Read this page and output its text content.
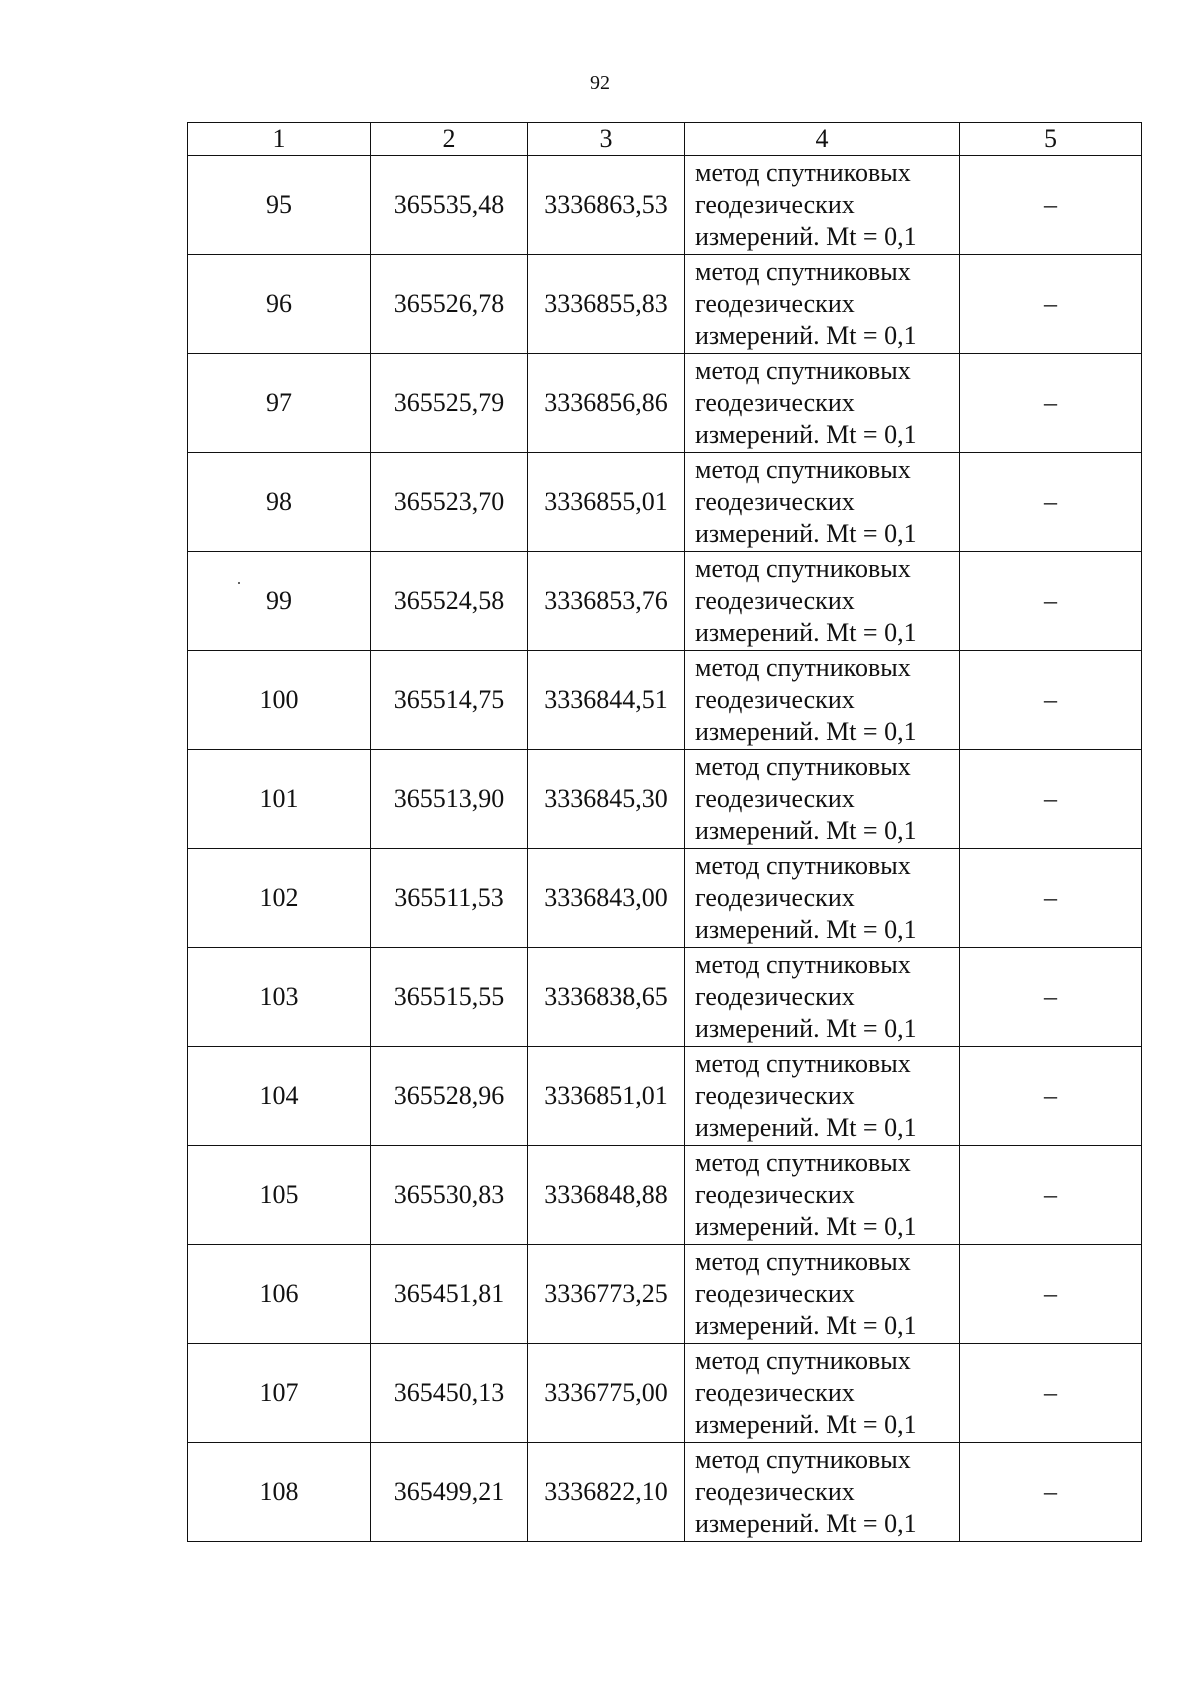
92
1	2	3	4	5
95	365535,48	3336863,53	метод спутниковых
геодезических
измерений. Mt = 0,1	–
96	365526,78	3336855,83	метод спутниковых
геодезических
измерений. Mt = 0,1	–
97	365525,79	3336856,86	метод спутниковых
геодезических
измерений. Mt = 0,1	–
98	365523,70	3336855,01	метод спутниковых
геодезических
измерений. Mt = 0,1	–
99	365524,58	3336853,76	метод спутниковых
геодезических
измерений. Mt = 0,1	–
100	365514,75	3336844,51	метод спутниковых
геодезических
измерений. Mt = 0,1	–
101	365513,90	3336845,30	метод спутниковых
геодезических
измерений. Mt = 0,1	–
102	365511,53	3336843,00	метод спутниковых
геодезических
измерений. Mt = 0,1	–
103	365515,55	3336838,65	метод спутниковых
геодезических
измерений. Mt = 0,1	–
104	365528,96	3336851,01	метод спутниковых
геодезических
измерений. Mt = 0,1	–
105	365530,83	3336848,88	метод спутниковых
геодезических
измерений. Mt = 0,1	–
106	365451,81	3336773,25	метод спутниковых
геодезических
измерений. Mt = 0,1	–
107	365450,13	3336775,00	метод спутниковых
геодезических
измерений. Mt = 0,1	–
108	365499,21	3336822,10	метод спутниковых
геодезических
измерений. Mt = 0,1	–
